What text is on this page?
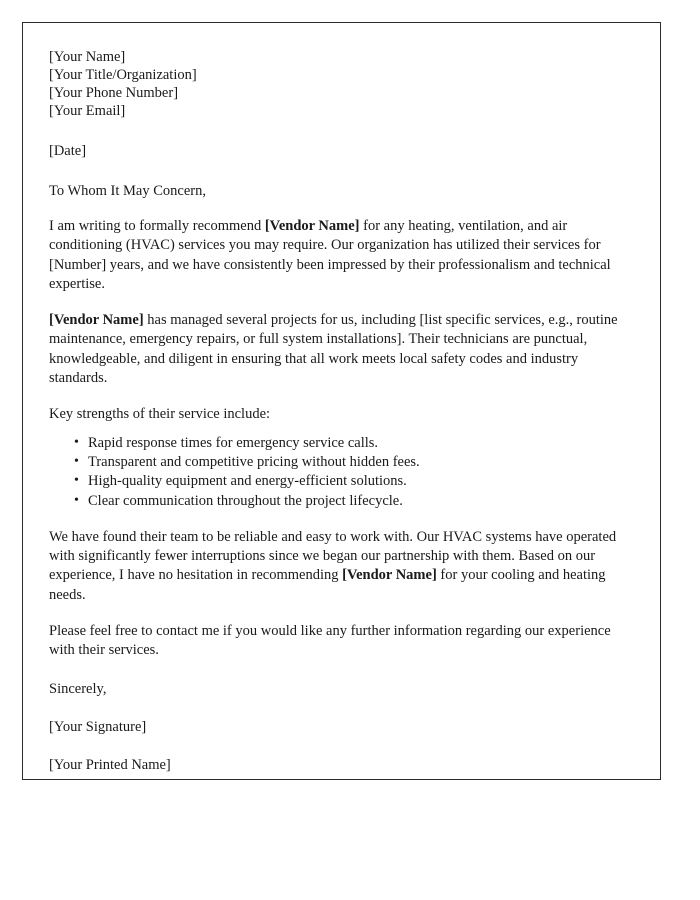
[Your Name]
[Your Title/Organization]
[Your Phone Number]
[Your Email]
[Date]
To Whom It May Concern,

I am writing to formally recommend [Vendor Name] for any heating, ventilation, and air conditioning (HVAC) services you may require. Our organization has utilized their services for [Number] years, and we have consistently been impressed by their professionalism and technical expertise.

[Vendor Name] has managed several projects for us, including [list specific services, e.g., routine maintenance, emergency repairs, or full system installations]. Their technicians are punctual, knowledgeable, and diligent in ensuring that all work meets local safety codes and industry standards.

Key strengths of their service include:
• Rapid response times for emergency service calls.
• Transparent and competitive pricing without hidden fees.
• High-quality equipment and energy-efficient solutions.
• Clear communication throughout the project lifecycle.

We have found their team to be reliable and easy to work with. Our HVAC systems have operated with significantly fewer interruptions since we began our partnership with them. Based on our experience, I have no hesitation in recommending [Vendor Name] for your cooling and heating needs.

Please feel free to contact me if you would like any further information regarding our experience with their services.

Sincerely,
[Your Signature]
[Your Printed Name]
